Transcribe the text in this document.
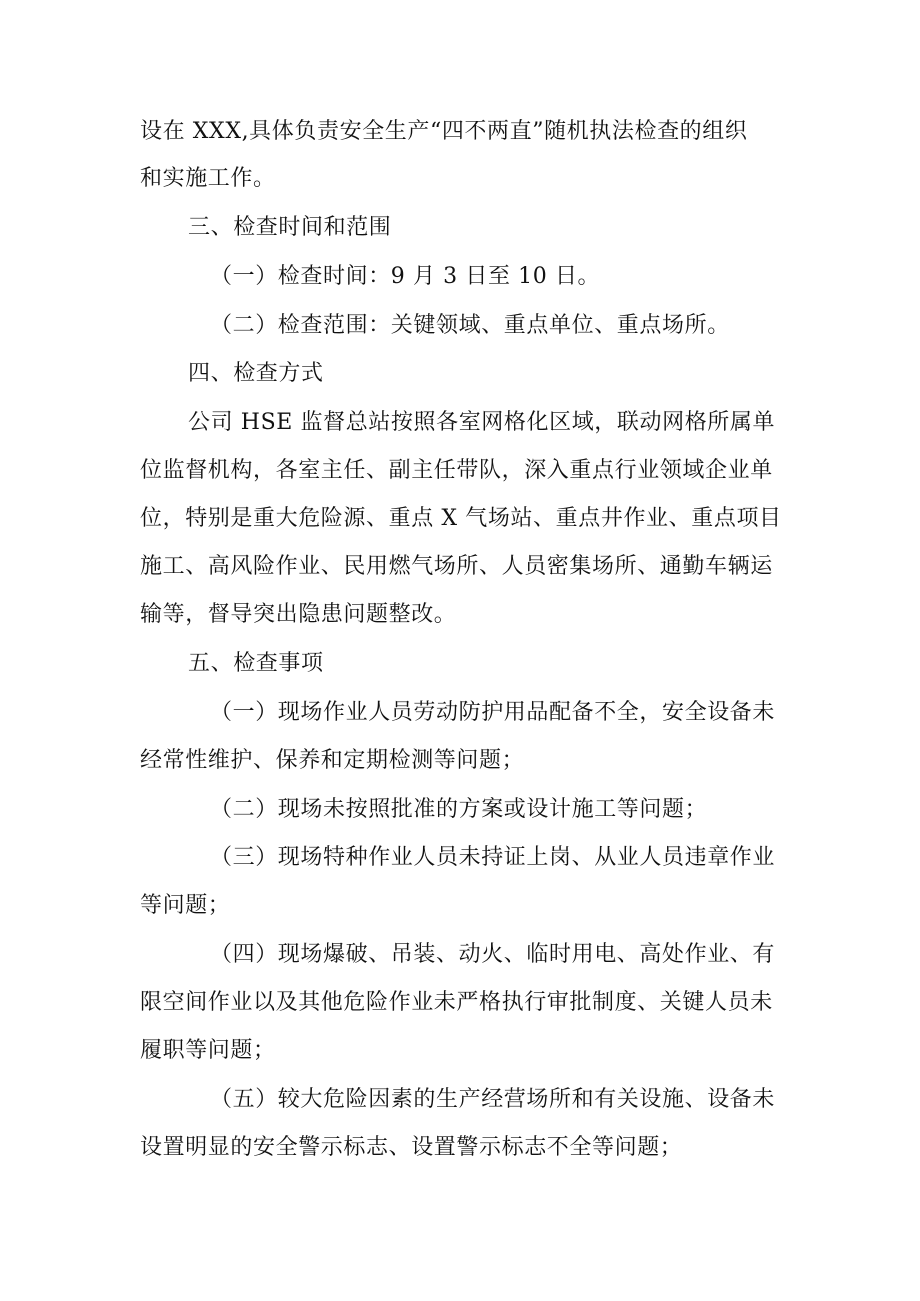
设在 XXX,具体负责安全生产“四不两直”随机执法检查的组织
和实施工作。
三、检查时间和范围
（一）检查时间：9 月 3 日至 10 日。
（二）检查范围：关键领域、重点单位、重点场所。
四、检查方式
公司 HSE 监督总站按照各室网格化区域，联动网格所属单
位监督机构，各室主任、副主任带队，深入重点行业领域企业单
位，特别是重大危险源、重点 X 气场站、重点井作业、重点项目
施工、高风险作业、民用燃气场所、人员密集场所、通勤车辆运
输等，督导突出隐患问题整改。
五、检查事项
（一）现场作业人员劳动防护用品配备不全，安全设备未
经常性维护、保养和定期检测等问题；
（二）现场未按照批准的方案或设计施工等问题；
（三）现场特种作业人员未持证上岗、从业人员违章作业
等问题；
（四）现场爆破、吊装、动火、临时用电、高处作业、有
限空间作业以及其他危险作业未严格执行审批制度、关键人员未
履职等问题；
（五）较大危险因素的生产经营场所和有关设施、设备未
设置明显的安全警示标志、设置警示标志不全等问题；
